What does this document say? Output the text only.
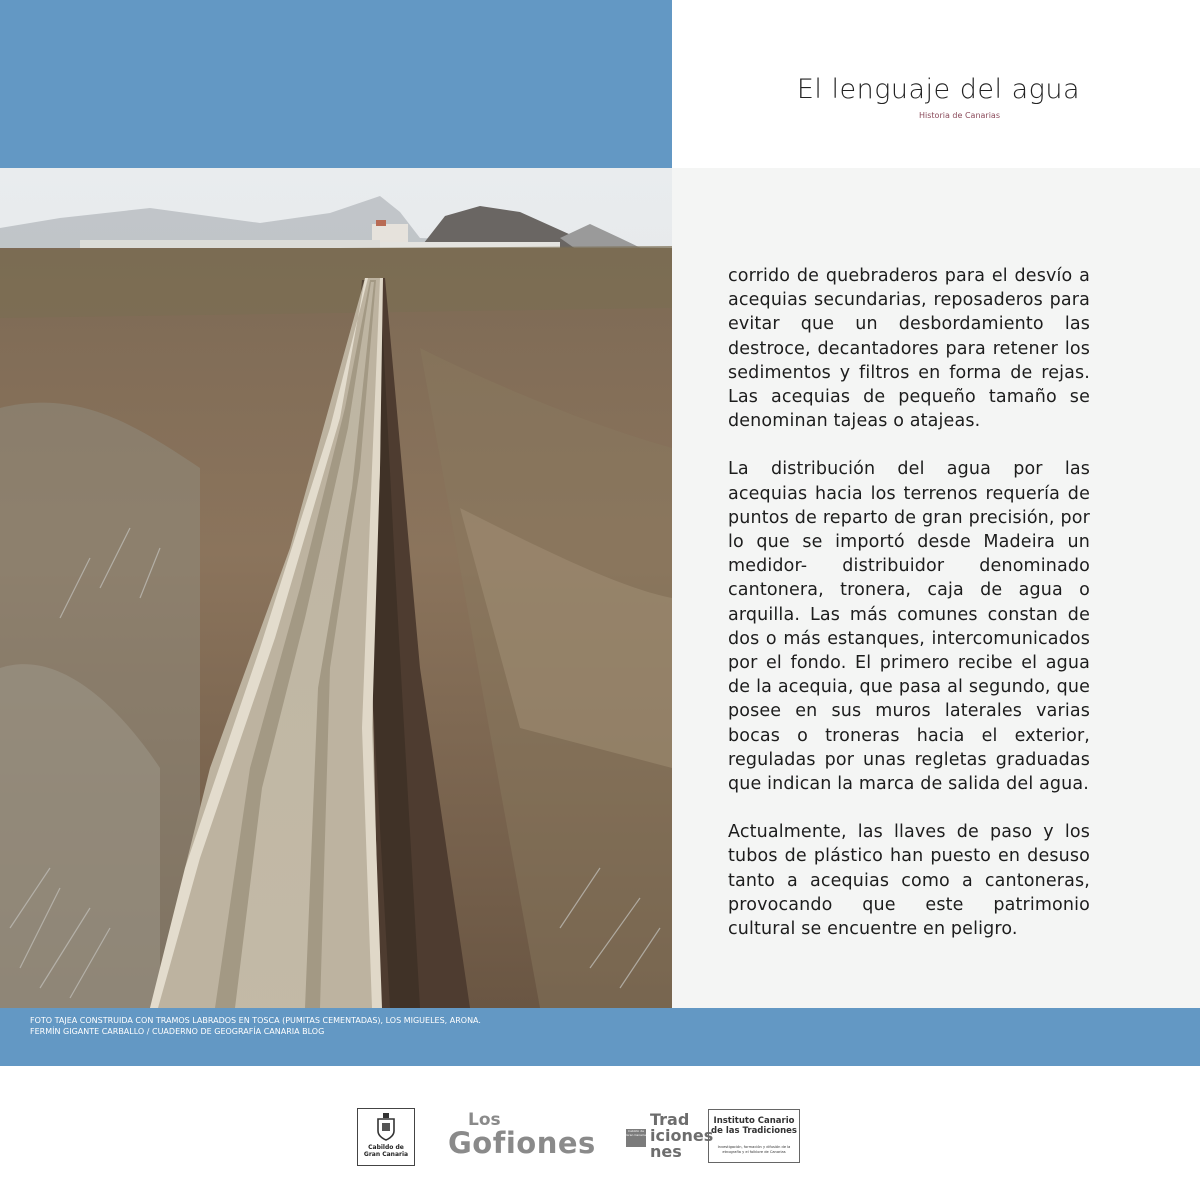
El lenguaje del agua
Historia de Canarias

corrido de quebraderos para el desvío a acequias secundarias, reposaderos para evitar que un desbordamiento las destroce, decantadores para retener los sedimentos y filtros en forma de rejas. Las acequias de pequeño tamaño se denominan tajeas o atajeas.

La distribución del agua por las acequias hacia los terrenos requería de puntos de reparto de gran precisión, por lo que se importó desde Madeira un medidor- distribuidor denominado cantonera, tronera, caja de agua o arquilla. Las más comunes constan de dos o más estanques, intercomunicados por el fondo. El primero recibe el agua de la acequia, que pasa al segundo, que posee en sus muros laterales varias bocas o troneras hacia el exterior, reguladas por unas regletas graduadas que indican la marca de salida del agua.

Actualmente, las llaves de paso y los tubos de plástico han puesto en desuso tanto a acequias como a cantoneras, provocando que este patrimonio cultural se encuentre en peligro.

FOTO TAJEA CONSTRUIDA CON TRAMOS LABRADOS EN TOSCA (PUMITAS CEMENTADAS), LOS MIGUELES, ARONA.
FERMÍN GIGANTE CARBALLO / CUADERNO DE GEOGRAFÍA CANARIA BLOG
Cabildo de
Gran Canaria
Los
Gofiones	Cabildo de Gran Canaria
Trad
iciones
nes
Instituto Canario
de las Tradiciones
Investigación, formación y difusión de la etnografía y el folklore de Canarias
